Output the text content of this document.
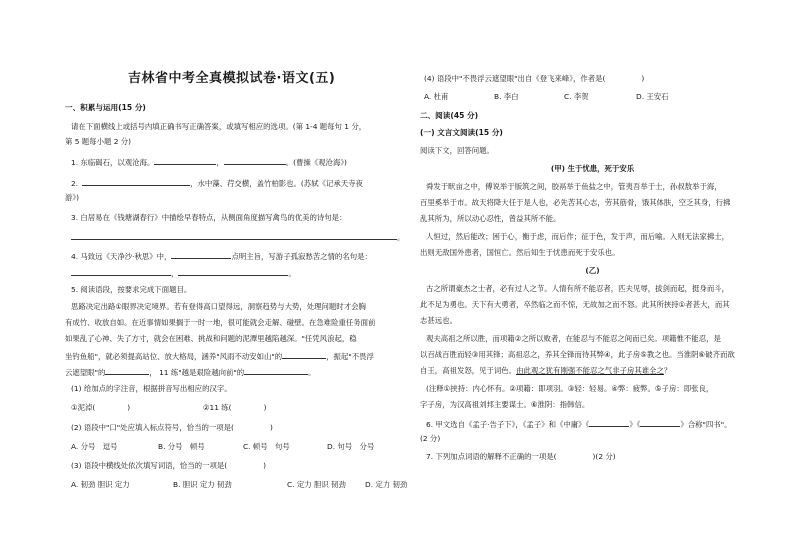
吉林省中考全真模拟试卷·语文(五)
一、积累与运用(15 分)
请在下面横线上或括号内填正确书写正确答案，或填写相应的选项。(第 1-4 题每句 1 分，
第 5 题每小题 2 分)
1. 东临碣石，以观沧海。	，	。(曹操《观沧海》)
2.	，水中藻、荇交横，盖竹柏影也。(苏轼《记承天寺夜
游》)
3. 白居易在《钱塘湖春行》中描绘早春特点，从侧面角度描写禽鸟的优美的诗句是：
。
4. 马致远《天净沙·秋思》中，	点明主旨，写游子孤寂愁苦之情的名句是：
，	。
5. 阅读语段，按要求完成下面题目。
思路决定出路①眼界决定境界。若有登得高口望得远，洞察趋势与大势，处理问题时才会胸
有成竹、收放自如。在近事情如果搁于一时一地，很可能就会走解、碰壁。在急难险重任务面前
如果乱了心神、失了方寸，就会在困难、挑战和问题的泥潭里越陷越深。"任凭风浪起，稳
坐钓鱼船"，就必须提高站位、放大格局，涵养"风雨不动安如山"的	，振起"不畏浮
云遮望眼"的	， 11 练"越是艰险越向前"的	。
(1) 给加点的字注音，根据拼音写出相应的汉字。
①泥淖(	)	②11 练(	)
(2) 语段中"口"处应填入标点符号，恰当的一项是(	)
A. 分号　逗号	B. 分号　顿号	C. 顿号　句号	D. 句号　分号
(3) 语段中横线处依次填写词语，恰当的一项是(	)
A. 韧劲 胆识 定力	B. 胆识 定力 韧劲	C. 定力 胆识 韧劲	D. 定力 韧劲
(4) 语段中"不畏浮云遮望眼"出自《登飞来峰》，作者是(	)
A. 杜甫	B. 李白	C. 李贺	D. 王安石
二、阅读(45 分)
(一) 文言文阅读(15 分)
阅读下文，回答问题。
(甲) 生于忧患，死于安乐
舜发于畎亩之中，傅说举于版筑之间，胶鬲举于鱼盐之中，管夷吾举于士，孙叔敖举于海，
百里奚举于市。故天将降大任于是人也，必先苦其心志，劳其筋骨，饿其体肤，空乏其身，行拂
乱其所为，所以动心忍性，曾益其所不能。
人恒过，然后能改；困于心，衡于虑，而后作；征于色，发于声，而后喻。入则无法家拂士，
出则无敌国外患者，国恒亡。然后知生于忧患而死于安乐也。
(乙)
古之所谓豪杰之士者，必有过人之节。人情有所不能忍者，匹夫见辱，拔剑而起，挺身而斗，
此不足为勇也。天下有大勇者，卒然临之而不惊，无故加之而不怒。此其所挟持①者甚大，而其
志甚远也。
观夫高祖之所以胜，而项籍②之所以败者，在能忍与不能忍之间而已矣。项籍惟不能忍，是
以百战百胜而轻③用其锋；高祖忍之，养其全锋而待其弊④，此子房⑤教之也。当淮阴⑥破齐而欲
自王，高祖发怒，见于词色。由此观之犹有刚强不能忍之气非子房其谁全之？
(注释①挟持：内心怀有。②项籍：即项羽。③轻：轻易。④弊：疲弊。⑤子房：即张良，
字子房，为汉高祖刘邦主要谋士。⑥淮阴：指韩信。
6. 甲文选自《孟子·告子下》，《孟子》和《中庸》《	》《	》合称"四书"。
(2 分)
7. 下列加点词语的解释不正确的一项是(	)(2 分)
